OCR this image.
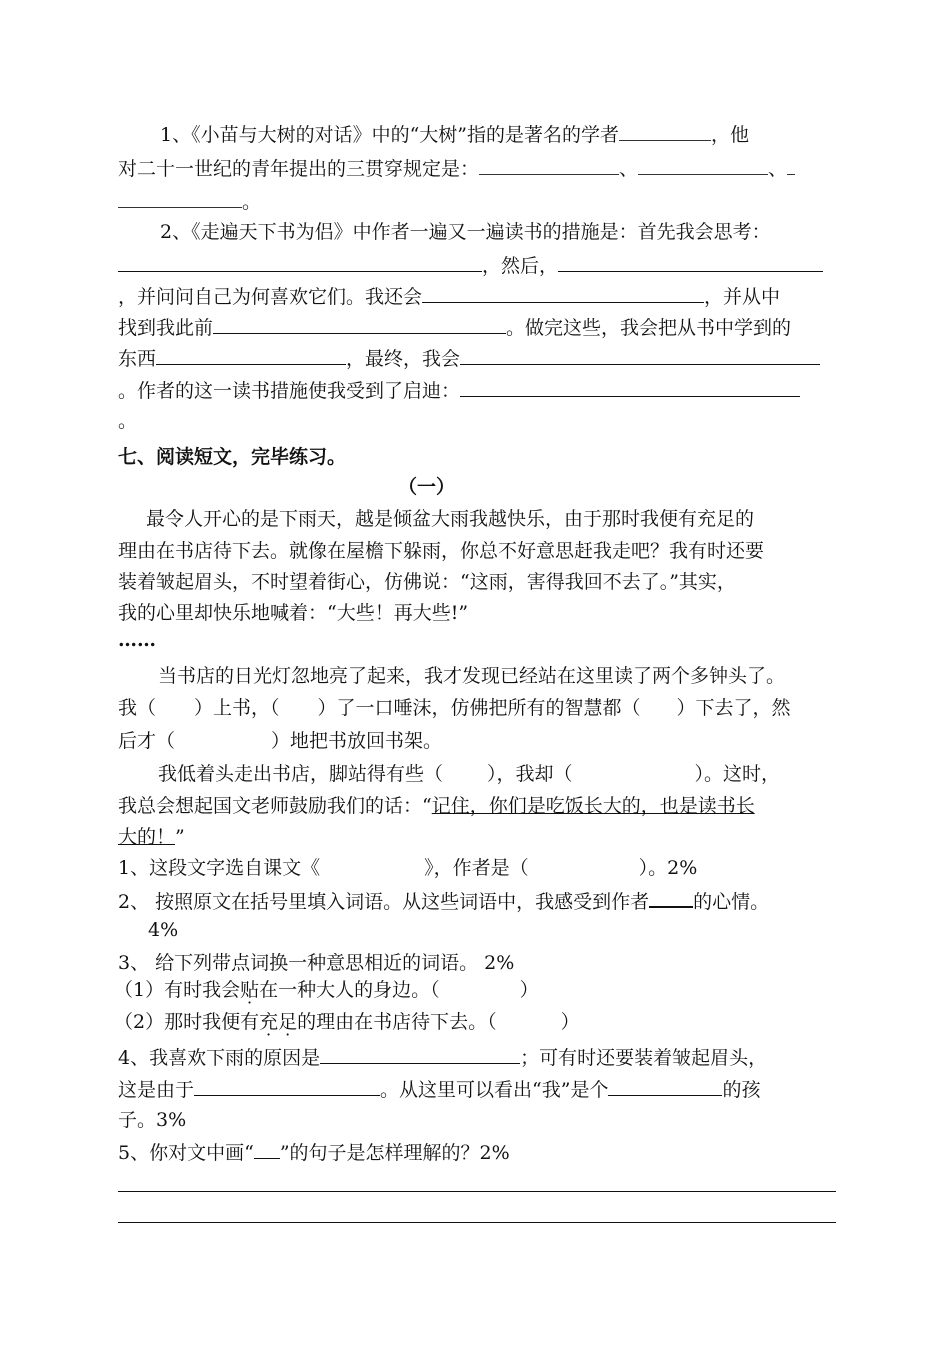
1、《小苗与大树的对话》中的“大树”指的是著名的学者	，他
对二十一世纪的青年提出的三贯穿规定是：	、	、
。
2、《走遍天下书为侣》中作者一遍又一遍读书的措施是：首先我会思考：
，然后，
，并问问自己为何喜欢它们。我还会	，并从中
找到我此前	。做完这些，我会把从书中学到的
东西	，最终，我会
。作者的这一读书措施使我受到了启迪：
。
七、阅读短文，完毕练习。
（一）
最令人开心的是下雨天，越是倾盆大雨我越快乐，由于那时我便有充足的
理由在书店待下去。就像在屋檐下躲雨，你总不好意思赶我走吧？我有时还要
装着皱起眉头，不时望着街心，仿佛说：“这雨，害得我回不去了。”其实，
我的心里却快乐地喊着：“大些！再大些!”
……
当书店的日光灯忽地亮了起来，我才发现已经站在这里读了两个多钟头了。
我（ ）上书，（ ）了一口唾沫，仿佛把所有的智慧都（ ）下去了，然
后才（	）地把书放回书架。
我低着头走出书店，脚站得有些（ ），我却（	）。这时，
我总会想起国文老师鼓励我们的话：“记住，你们是吃饭长大的，也是读书长
大的！”
1、这段文字选自课文《	》，作者是（	）。2%
2、 按照原文在括号里填入词语。从这些词语中，我感受到作者 的心情。
4%
3、 给下列带点词换一种意思相近的词语。 2%
（1）有时我会贴在一种大人的身边。（	）
（2）那时我便有充足的理由在书店待下去。（	）
4、我喜欢下雨的原因是	；可有时还要装着皱起眉头，
这是由于	。从这里可以看出“我”是个	的孩
子。3%
5、你对文中画“ ”的句子是怎样理解的？2%
